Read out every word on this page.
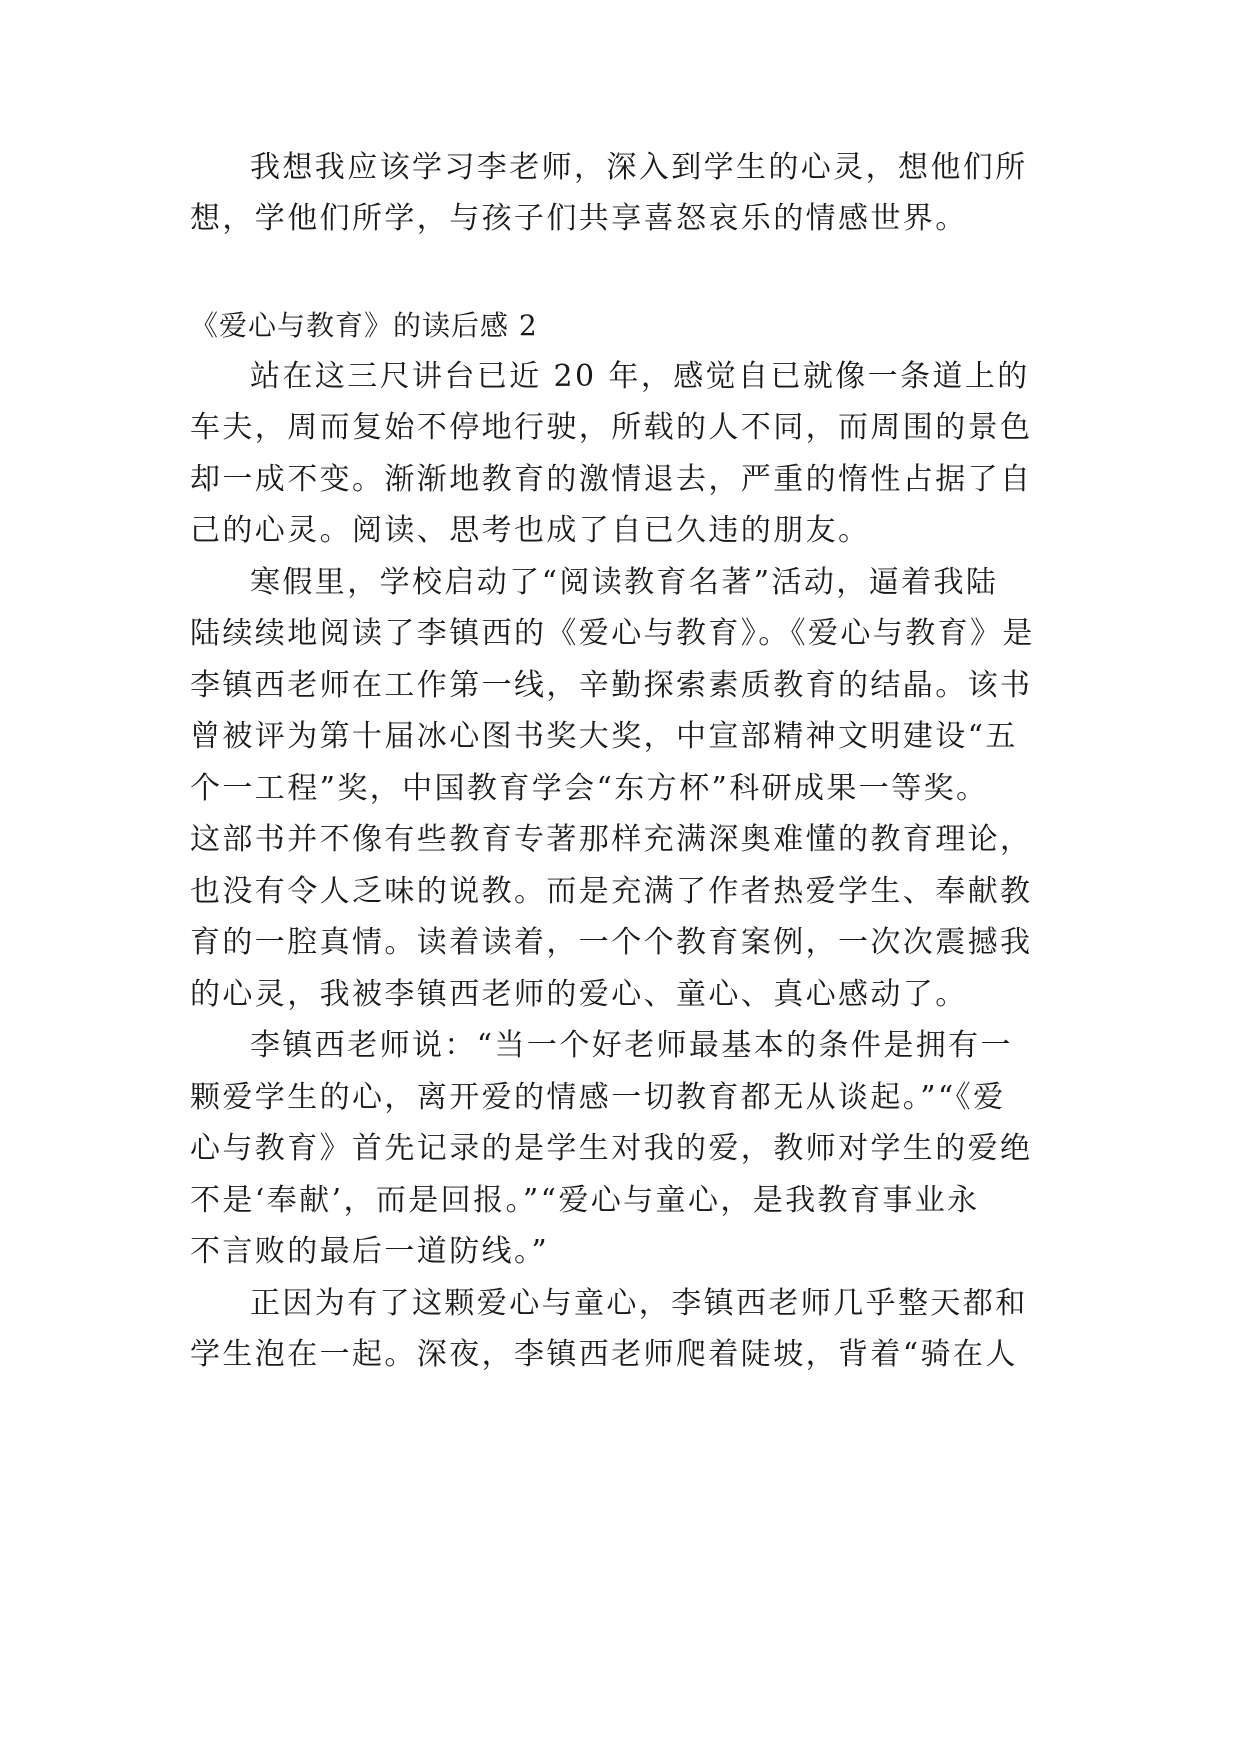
我想我应该学习李老师，深入到学生的心灵，想他们所
想，学他们所学，与孩子们共享喜怒哀乐的情感世界。
《爱心与教育》的读后感 2
站在这三尺讲台已近 20 年，感觉自已就像一条道上的
车夫，周而复始不停地行驶，所载的人不同，而周围的景色
却一成不变。渐渐地教育的激情退去，严重的惰性占据了自
己的心灵。阅读、思考也成了自已久违的朋友。
寒假里，学校启动了“阅读教育名著”活动，逼着我陆
陆续续地阅读了李镇西的《爱心与教育》。《爱心与教育》是
李镇西老师在工作第一线，辛勤探索素质教育的结晶。该书
曾被评为第十届冰心图书奖大奖，中宣部精神文明建设“五
个一工程”奖，中国教育学会“东方杯”科研成果一等奖。
这部书并不像有些教育专著那样充满深奥难懂的教育理论，
也没有令人乏味的说教。而是充满了作者热爱学生、奉献教
育的一腔真情。读着读着，一个个教育案例，一次次震撼我
的心灵，我被李镇西老师的爱心、童心、真心感动了。
李镇西老师说：“当一个好老师最基本的条件是拥有一
颗爱学生的心，离开爱的情感一切教育都无从谈起。”“《爱
心与教育》首先记录的是学生对我的爱，教师对学生的爱绝
不是‘奉献’，而是回报。”“爱心与童心，是我教育事业永
不言败的最后一道防线。”
正因为有了这颗爱心与童心，李镇西老师几乎整天都和
学生泡在一起。深夜，李镇西老师爬着陡坡，背着“骑在人
